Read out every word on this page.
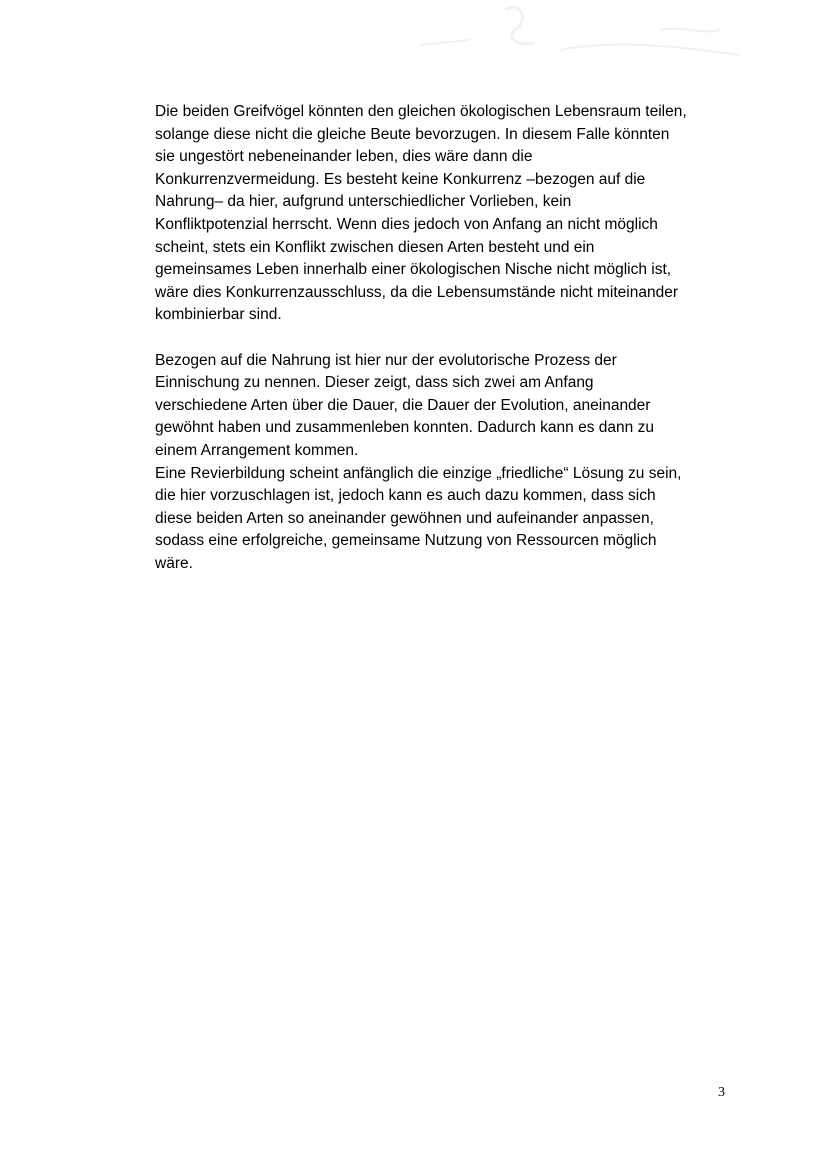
Die beiden Greifvögel könnten den gleichen ökologischen Lebensraum teilen,
solange diese nicht die gleiche Beute bevorzugen. In diesem Falle könnten
sie ungestört nebeneinander leben, dies wäre dann die
Konkurrenzvermeidung. Es besteht keine Konkurrenz –bezogen auf die
Nahrung– da hier, aufgrund unterschiedlicher Vorlieben, kein
Konfliktpotenzial herrscht. Wenn dies jedoch von Anfang an nicht möglich
scheint, stets ein Konflikt zwischen diesen Arten besteht und ein
gemeinsames Leben innerhalb einer ökologischen Nische nicht möglich ist,
wäre dies Konkurrenzausschluss, da die Lebensumstände nicht miteinander
kombinierbar sind.
Bezogen auf die Nahrung ist hier nur der evolutorische Prozess der
Einnischung zu nennen. Dieser zeigt, dass sich zwei am Anfang
verschiedene Arten über die Dauer, die Dauer der Evolution, aneinander
gewöhnt haben und zusammenleben konnten. Dadurch kann es dann zu
einem Arrangement kommen.
Eine Revierbildung scheint anfänglich die einzige „friedliche“ Lösung zu sein,
die hier vorzuschlagen ist, jedoch kann es auch dazu kommen, dass sich
diese beiden Arten so aneinander gewöhnen und aufeinander anpassen,
sodass eine erfolgreiche, gemeinsame Nutzung von Ressourcen möglich
wäre.
3
